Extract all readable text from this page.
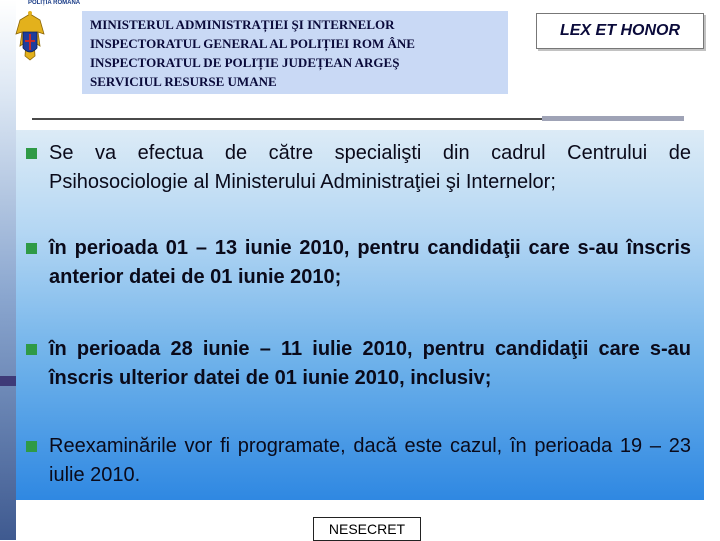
POLIȚIA ROMÂNĂ
MINISTERUL ADMINISTRAȚIEI ŞI INTERNELOR
INSPECTORATUL GENERAL AL POLIȚIEI ROM ÂNE
INSPECTORATUL DE POLIȚIE JUDEȚEAN ARGEŞ
SERVICIUL RESURSE UMANE
LEX ET HONOR
Se va efectua de către specialişti din cadrul Centrului de Psihosociologie al Ministerului Administraţiei şi Internelor;
în perioada 01 – 13 iunie 2010, pentru candidaţii care s-au înscris anterior datei de 01 iunie 2010;
în perioada 28 iunie – 11 iulie 2010, pentru candidaţii care s-au înscris ulterior datei de 01 iunie 2010, inclusiv;
Reexaminările vor fi programate, dacă este cazul, în perioada 19 – 23 iulie 2010.
NESECRET
